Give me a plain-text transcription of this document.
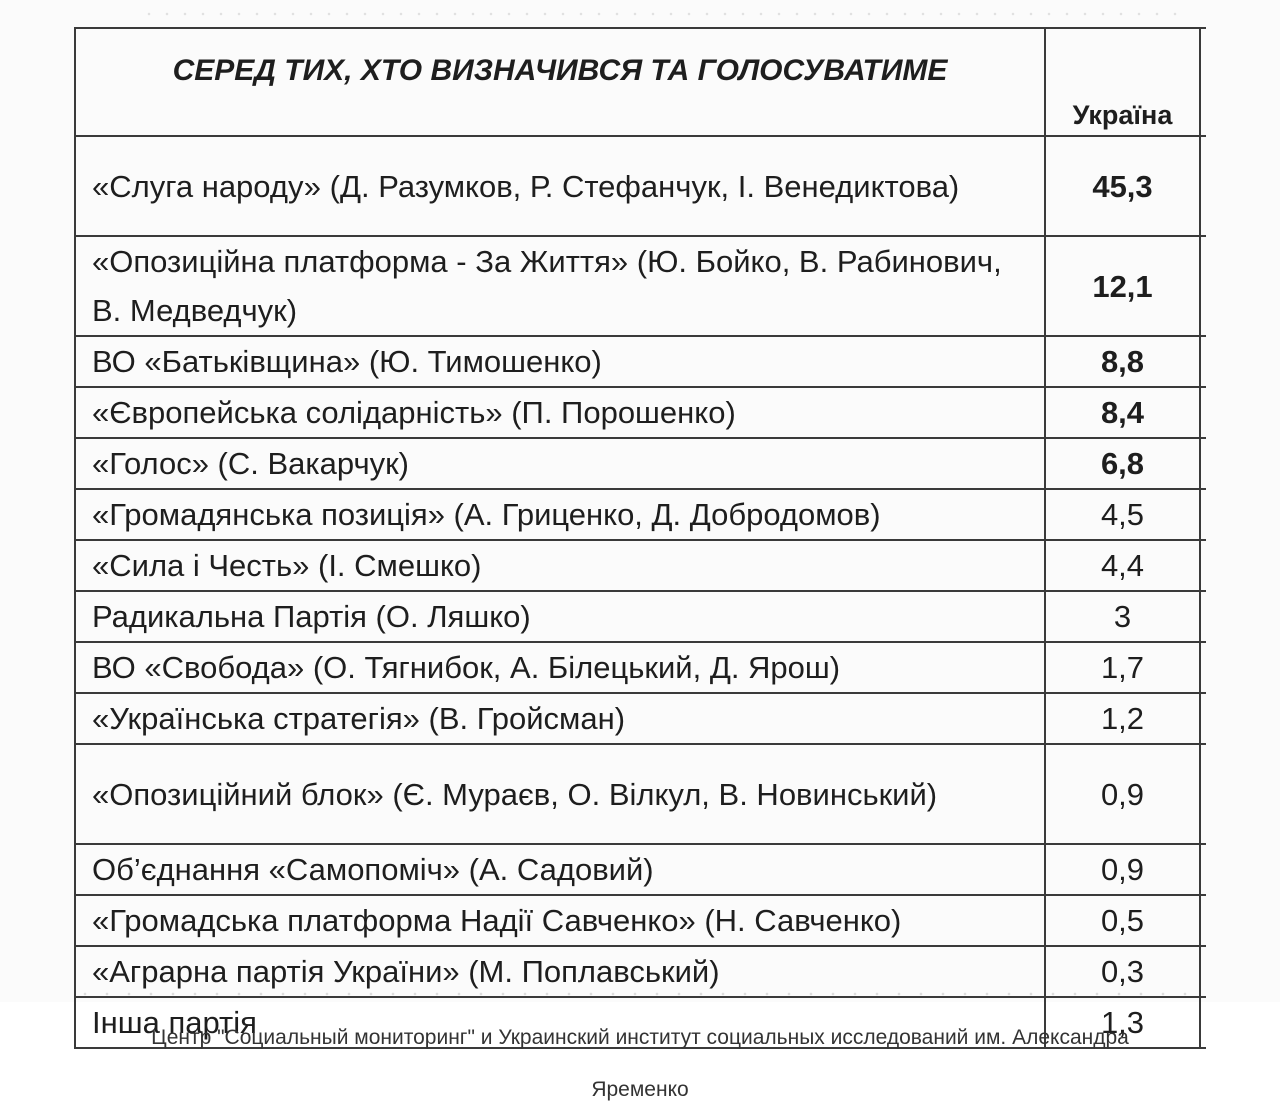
СЕРЕД ТИХ, ХТО ВИЗНАЧИВСЯ ТА ГОЛОСУВАТИМЕ	Україна	
«Слуга народу» (Д. Разумков, Р. Стефанчук, І. Венедиктова)	45,3	
«Опозиційна платформа - За Життя» (Ю. Бойко, В. Рабинович, В. Медведчук)	12,1	
ВО «Батьківщина» (Ю. Тимошенко)	8,8	
«Європейська солідарність» (П. Порошенко)	8,4	
«Голос» (С. Вакарчук)	6,8	
«Громадянська позиція» (А. Гриценко, Д. Добродомов)	4,5	
«Сила і Честь» (І. Смешко)	4,4	
Радикальна Партія (О. Ляшко)	3	
ВО «Свобода» (О. Тягнибок, А. Білецький, Д. Ярош)	1,7	
«Українська стратегія» (В. Гройсман)	1,2	
«Опозиційний блок» (Є. Мураєв, О. Вілкул, В. Новинський)	0,9	
Об’єднання «Самопоміч» (А. Садовий)	0,9	
«Громадська платформа Надії Савченко» (Н. Савченко)	0,5	
«Аграрна партія України» (М. Поплавський)	0,3	
Інша партія	1,3	
Центр "Социальный мониторинг" и Украинский институт социальных исследований им. Александра
Яременко
